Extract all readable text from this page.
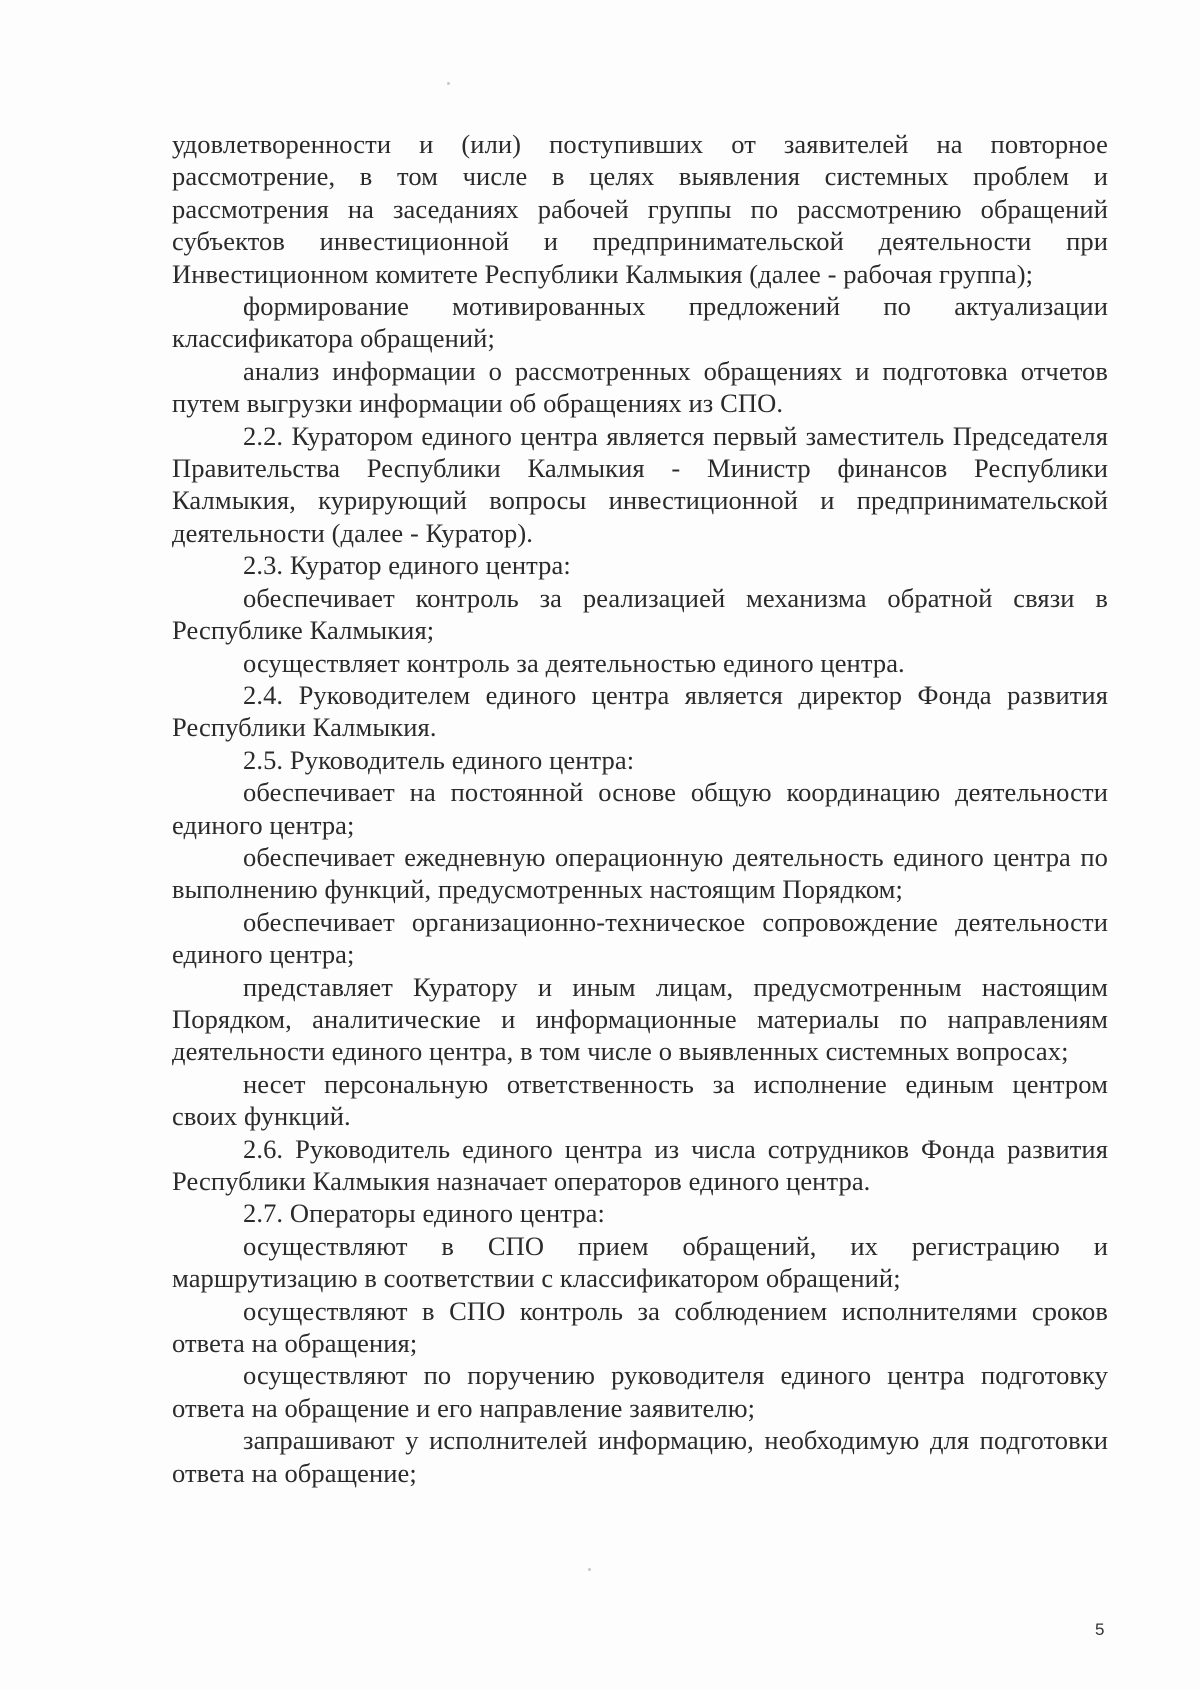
удовлетворенности и (или) поступивших от заявителей на повторное рассмотрение, в том числе в целях выявления системных проблем и рассмотрения на заседаниях рабочей группы по рассмотрению обращений субъектов инвестиционной и предпринимательской деятельности при Инвестиционном комитете Республики Калмыкия (далее - рабочая группа);

формирование мотивированных предложений по актуализации классификатора обращений;

анализ информации о рассмотренных обращениях и подготовка отчетов путем выгрузки информации об обращениях из СПО.

2.2. Куратором единого центра является первый заместитель Председателя Правительства Республики Калмыкия - Министр финансов Республики Калмыкия, курирующий вопросы инвестиционной и предпринимательской деятельности (далее - Куратор).

2.3. Куратор единого центра:

обеспечивает контроль за реализацией механизма обратной связи в Республике Калмыкия;

осуществляет контроль за деятельностью единого центра.

2.4. Руководителем единого центра является директор Фонда развития Республики Калмыкия.

2.5. Руководитель единого центра:

обеспечивает на постоянной основе общую координацию деятельности единого центра;

обеспечивает ежедневную операционную деятельность единого центра по выполнению функций, предусмотренных настоящим Порядком;

обеспечивает организационно-техническое сопровождение деятельности единого центра;

представляет Куратору и иным лицам, предусмотренным настоящим Порядком, аналитические и информационные материалы по направлениям деятельности единого центра, в том числе о выявленных системных вопросах;

несет персональную ответственность за исполнение единым центром своих функций.

2.6. Руководитель единого центра из числа сотрудников Фонда развития Республики Калмыкия назначает операторов единого центра.

2.7. Операторы единого центра:

осуществляют в СПО прием обращений, их регистрацию и маршрутизацию в соответствии с классификатором обращений;

осуществляют в СПО контроль за соблюдением исполнителями сроков ответа на обращения;

осуществляют по поручению руководителя единого центра подготовку ответа на обращение и его направление заявителю;

запрашивают у исполнителей информацию, необходимую для подготовки ответа на обращение;

5
